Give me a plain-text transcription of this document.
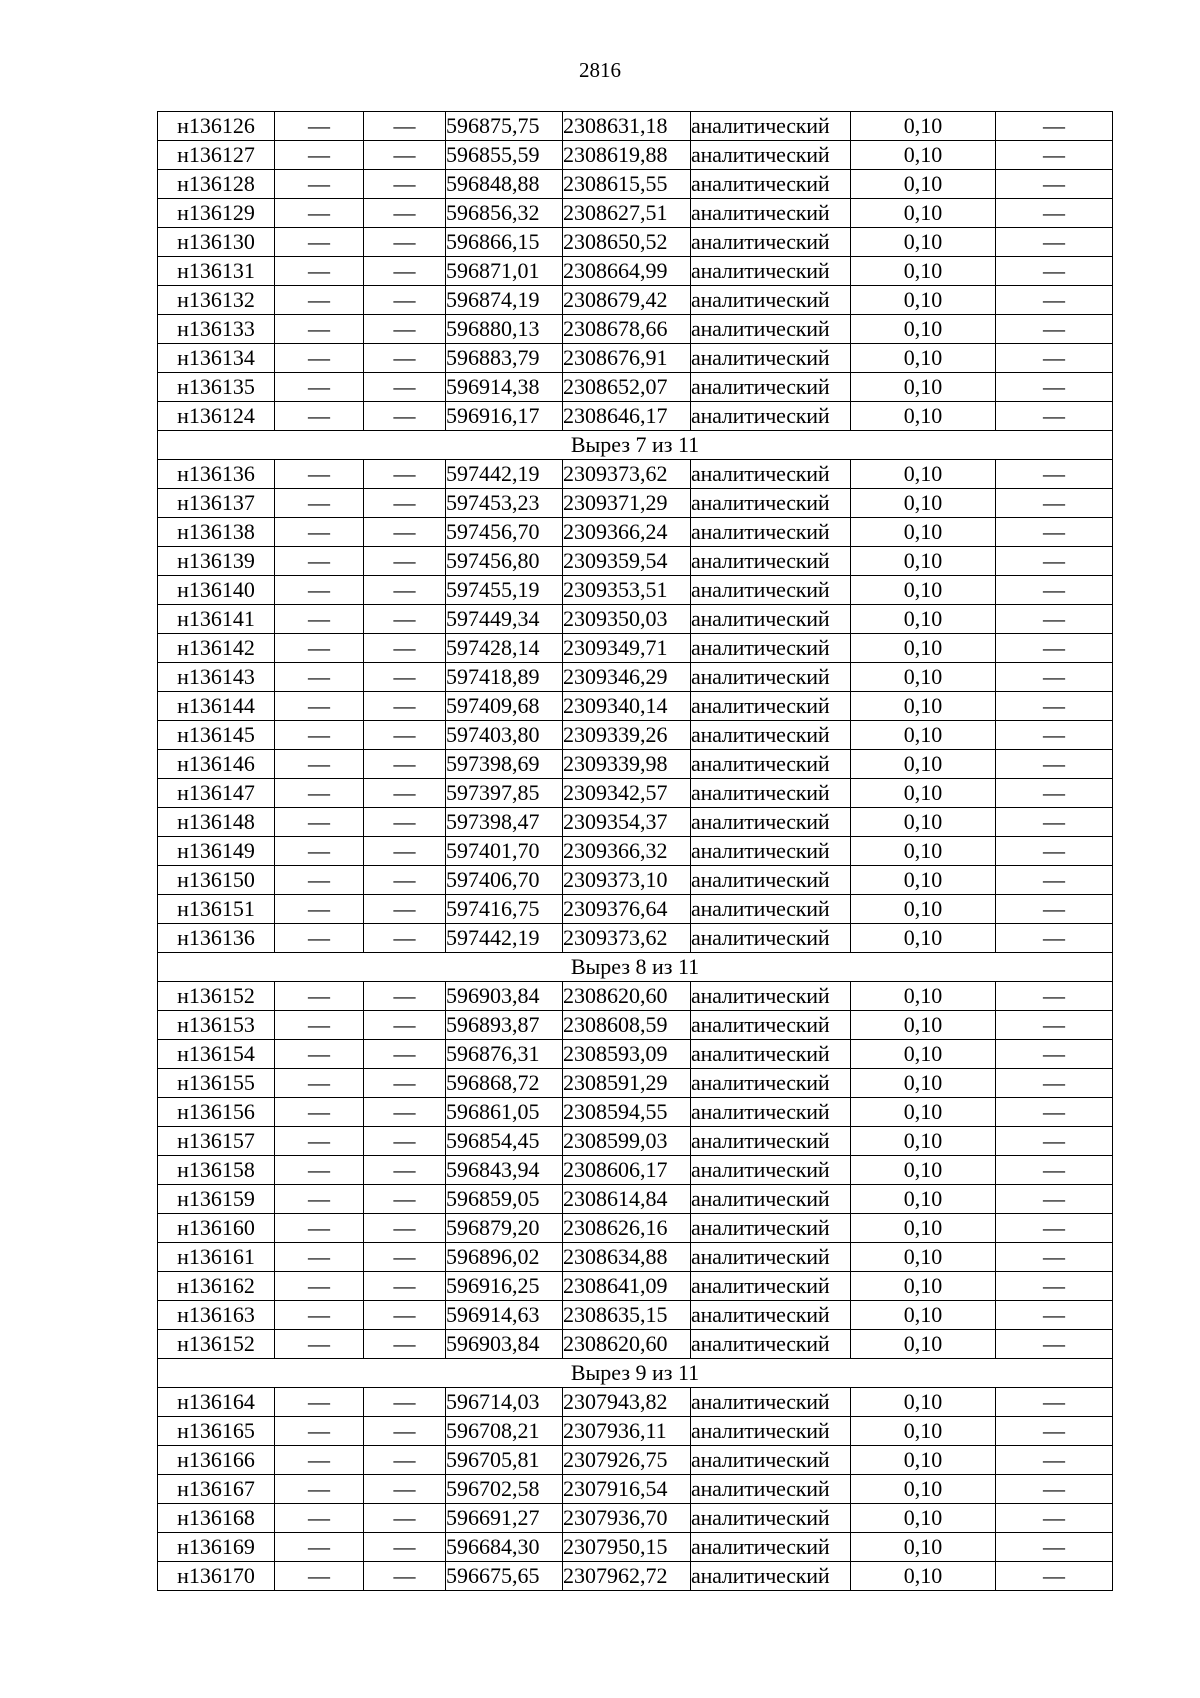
2816
н136126	—	—	596875,75	2308631,18	аналитический	0,10	—
н136127	—	—	596855,59	2308619,88	аналитический	0,10	—
н136128	—	—	596848,88	2308615,55	аналитический	0,10	—
н136129	—	—	596856,32	2308627,51	аналитический	0,10	—
н136130	—	—	596866,15	2308650,52	аналитический	0,10	—
н136131	—	—	596871,01	2308664,99	аналитический	0,10	—
н136132	—	—	596874,19	2308679,42	аналитический	0,10	—
н136133	—	—	596880,13	2308678,66	аналитический	0,10	—
н136134	—	—	596883,79	2308676,91	аналитический	0,10	—
н136135	—	—	596914,38	2308652,07	аналитический	0,10	—
н136124	—	—	596916,17	2308646,17	аналитический	0,10	—
Вырез 7 из 11							
н136136	—	—	597442,19	2309373,62	аналитический	0,10	—
н136137	—	—	597453,23	2309371,29	аналитический	0,10	—
н136138	—	—	597456,70	2309366,24	аналитический	0,10	—
н136139	—	—	597456,80	2309359,54	аналитический	0,10	—
н136140	—	—	597455,19	2309353,51	аналитический	0,10	—
н136141	—	—	597449,34	2309350,03	аналитический	0,10	—
н136142	—	—	597428,14	2309349,71	аналитический	0,10	—
н136143	—	—	597418,89	2309346,29	аналитический	0,10	—
н136144	—	—	597409,68	2309340,14	аналитический	0,10	—
н136145	—	—	597403,80	2309339,26	аналитический	0,10	—
н136146	—	—	597398,69	2309339,98	аналитический	0,10	—
н136147	—	—	597397,85	2309342,57	аналитический	0,10	—
н136148	—	—	597398,47	2309354,37	аналитический	0,10	—
н136149	—	—	597401,70	2309366,32	аналитический	0,10	—
н136150	—	—	597406,70	2309373,10	аналитический	0,10	—
н136151	—	—	597416,75	2309376,64	аналитический	0,10	—
н136136	—	—	597442,19	2309373,62	аналитический	0,10	—
Вырез 8 из 11							
н136152	—	—	596903,84	2308620,60	аналитический	0,10	—
н136153	—	—	596893,87	2308608,59	аналитический	0,10	—
н136154	—	—	596876,31	2308593,09	аналитический	0,10	—
н136155	—	—	596868,72	2308591,29	аналитический	0,10	—
н136156	—	—	596861,05	2308594,55	аналитический	0,10	—
н136157	—	—	596854,45	2308599,03	аналитический	0,10	—
н136158	—	—	596843,94	2308606,17	аналитический	0,10	—
н136159	—	—	596859,05	2308614,84	аналитический	0,10	—
н136160	—	—	596879,20	2308626,16	аналитический	0,10	—
н136161	—	—	596896,02	2308634,88	аналитический	0,10	—
н136162	—	—	596916,25	2308641,09	аналитический	0,10	—
н136163	—	—	596914,63	2308635,15	аналитический	0,10	—
н136152	—	—	596903,84	2308620,60	аналитический	0,10	—
Вырез 9 из 11							
н136164	—	—	596714,03	2307943,82	аналитический	0,10	—
н136165	—	—	596708,21	2307936,11	аналитический	0,10	—
н136166	—	—	596705,81	2307926,75	аналитический	0,10	—
н136167	—	—	596702,58	2307916,54	аналитический	0,10	—
н136168	—	—	596691,27	2307936,70	аналитический	0,10	—
н136169	—	—	596684,30	2307950,15	аналитический	0,10	—
н136170	—	—	596675,65	2307962,72	аналитический	0,10	—
